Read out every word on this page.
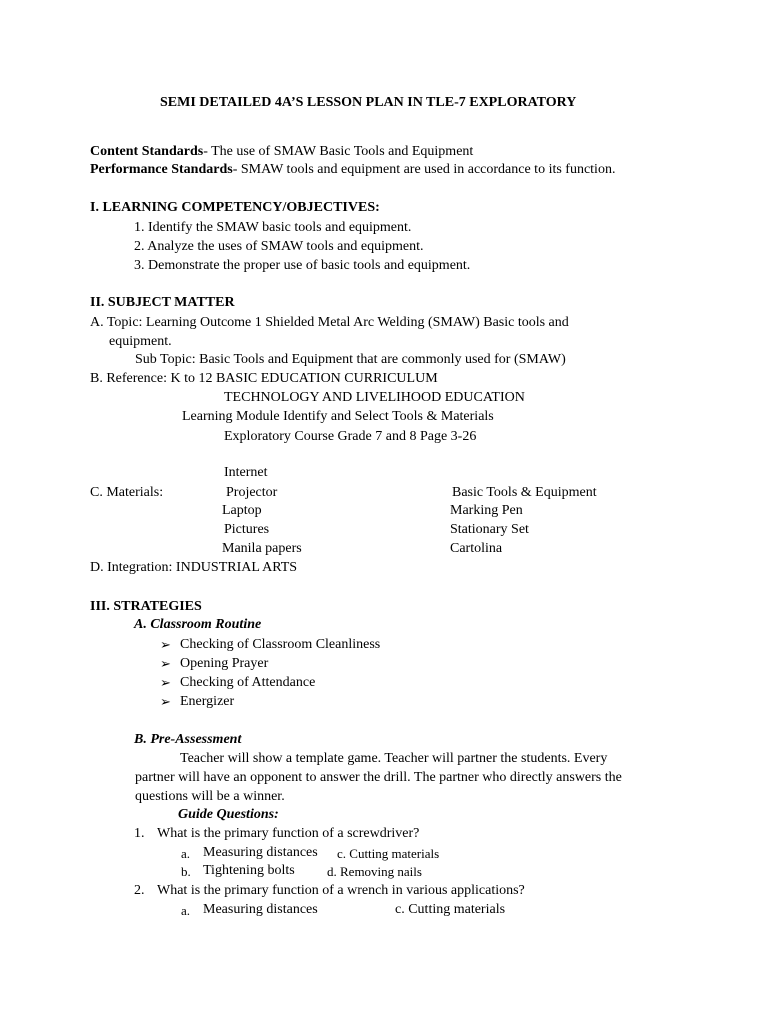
SEMI DETAILED 4A’S LESSON PLAN IN TLE-7 EXPLORATORY
Content Standards- The use of SMAW Basic Tools and Equipment
Performance Standards- SMAW tools and equipment are used in accordance to its function.
I. LEARNING COMPETENCY/OBJECTIVES:
1. Identify the SMAW basic tools and equipment.
2. Analyze the uses of SMAW tools and equipment.
3. Demonstrate the proper use of basic tools and equipment.
II. SUBJECT MATTER
A. Topic: Learning Outcome 1 Shielded Metal Arc Welding (SMAW) Basic tools and
equipment.
Sub Topic: Basic Tools and Equipment that are commonly used for (SMAW)
B. Reference: K to 12 BASIC EDUCATION CURRICULUM
TECHNOLOGY AND LIVELIHOOD EDUCATION
Learning Module Identify and Select Tools & Materials
Exploratory Course Grade 7 and 8 Page 3-26
Internet
C. Materials:	Projector
Laptop
Pictures
Manila papers
Basic Tools & Equipment
Marking Pen
Stationary Set
Cartolina
D. Integration: INDUSTRIAL ARTS
III. STRATEGIES
A. Classroom Routine
➢ Checking of Classroom Cleanliness
➢ Opening Prayer
➢ Checking of Attendance
➢ Energizer
B. Pre-Assessment
Teacher will show a template game. Teacher will partner the students. Every
partner will have an opponent to answer the drill. The partner who directly answers the
questions will be a winner.
Guide Questions:
1. What is the primary function of a screwdriver?
a. Measuring distances c. Cutting materials
b. Tightening bolts d. Removing nails
2. What is the primary function of a wrench in various applications?
a. Measuring distances	c. Cutting materials
